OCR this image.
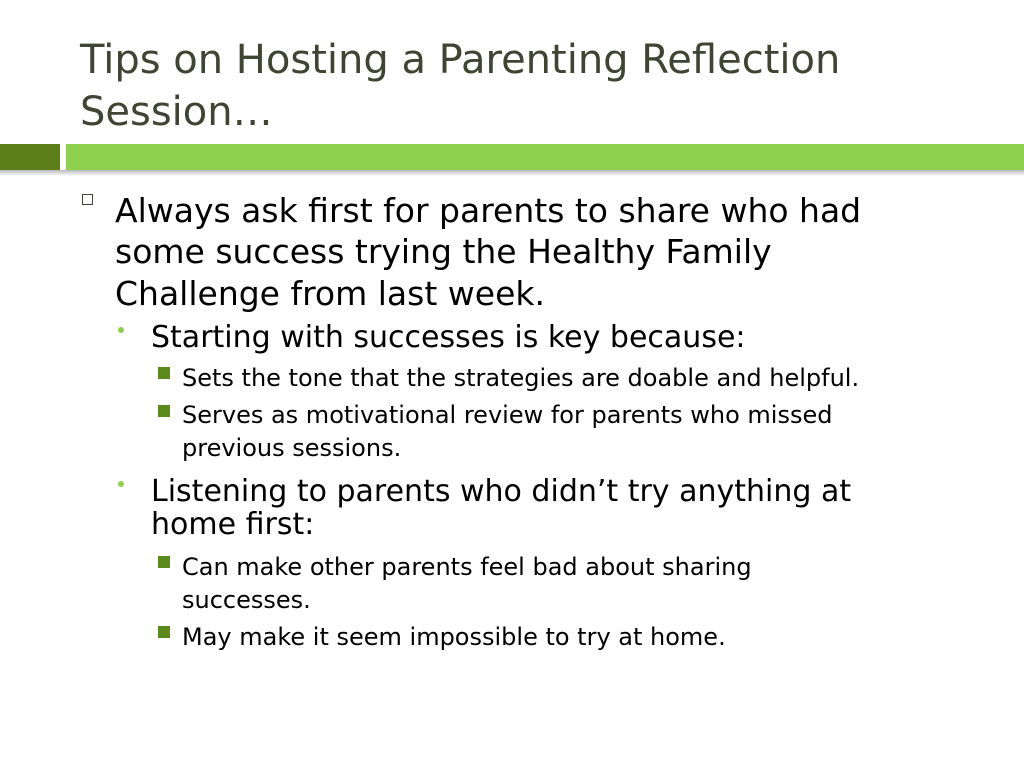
Tips on Hosting a Parenting Reflection
Session…
Always ask first for parents to share who had
some success trying the Healthy Family
Challenge from last week.
Starting with successes is key because:
Sets the tone that the strategies are doable and helpful.
Serves as motivational review for parents who missed
previous sessions.
Listening to parents who didn’t try anything at
home first:
Can make other parents feel bad about sharing
successes.
May make it seem impossible to try at home.
